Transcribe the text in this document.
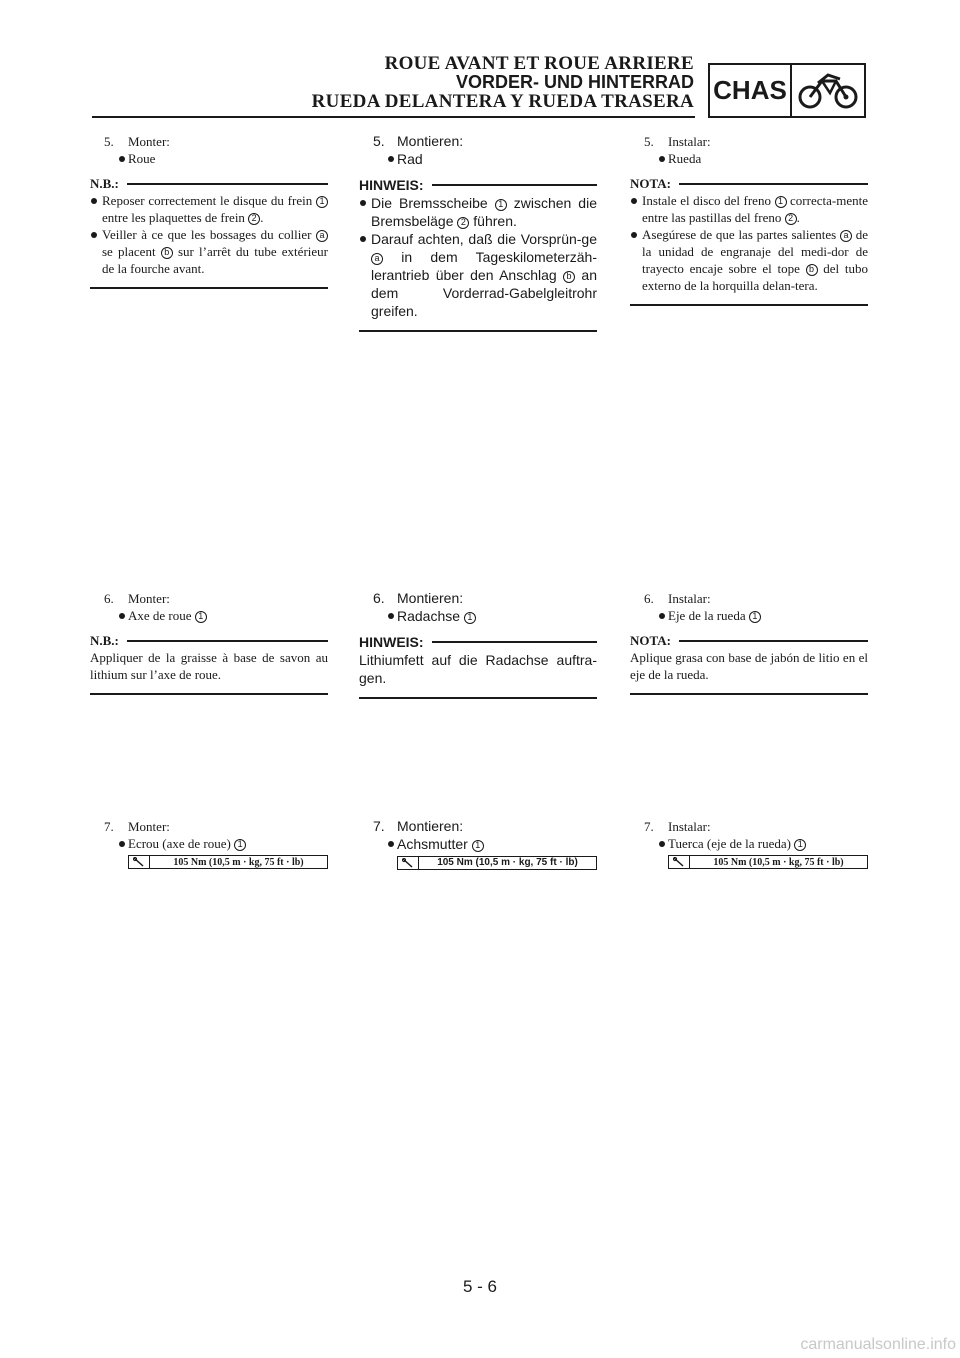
ROUE AVANT ET ROUE ARRIERE
VORDER- UND HINTERRAD
RUEDA DELANTERA Y RUEDA TRASERA CHAS
5. Monter:
Roue
N.B.:
Reposer correctement le disque du frein 1 entre les plaquettes de frein 2 .
Veiller à ce que les bossages du collier a se placent b sur l’arrêt du tube extérieur de la fourche avant.
6. Monter:
Axe de roue 1
N.B.:
Appliquer de la graisse à base de savon au lithium sur l’axe de roue.
7. Monter:
Ecrou (axe de roue) 1
105 Nm (10,5 m · kg, 75 ft · lb)
5. Montieren:
Rad
HINWEIS:
Die Bremsscheibe 1 zwischen die Bremsbeläge 2 führen.
Darauf achten, daß die Vorsprün-ge a in dem Tageskilometerzäh-lerantrieb über den Anschlag b an dem Vorderrad-Gabelgleitrohr greifen.
6. Montieren:
Radachse 1
HINWEIS:
Lithiumfett auf die Radachse auftra-gen.
7. Montieren:
Achsmutter 1
105 Nm (10,5 m · kg, 75 ft · lb)
5. Instalar:
Rueda
NOTA:
Instale el disco del freno 1 correcta-mente entre las pastillas del freno 2 .
Asegúrese de que las partes salientes a de la unidad de engranaje del medi-dor de trayecto encaje sobre el tope b del tubo externo de la horquilla delan-tera.
6. Instalar:
Eje de la rueda 1
NOTA:
Aplique grasa con base de jabón de litio en el eje de la rueda.
7. Instalar:
Tuerca (eje de la rueda) 1
105 Nm (10,5 m · kg, 75 ft · lb)
5 - 6
carmanualsonline.info
